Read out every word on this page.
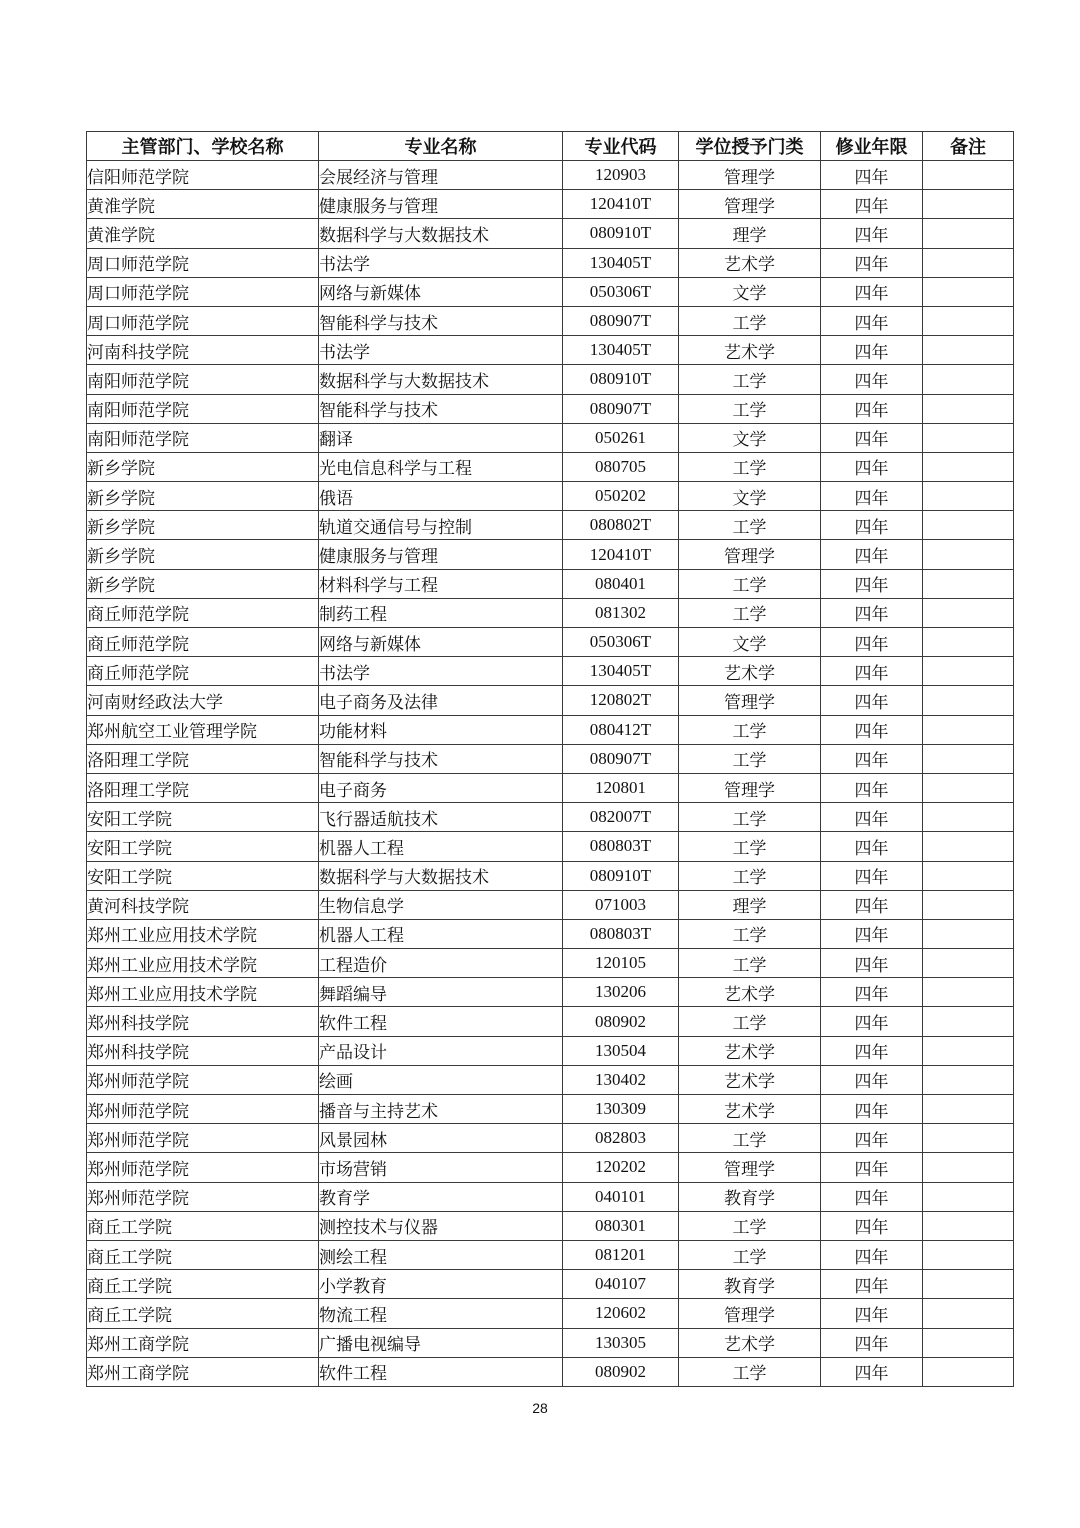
主管部门、学校名称	专业名称	专业代码	学位授予门类	修业年限	备注
信阳师范学院	会展经济与管理	120903	管理学	四年	
黄淮学院	健康服务与管理	120410T	管理学	四年	
黄淮学院	数据科学与大数据技术	080910T	理学	四年	
周口师范学院	书法学	130405T	艺术学	四年	
周口师范学院	网络与新媒体	050306T	文学	四年	
周口师范学院	智能科学与技术	080907T	工学	四年	
河南科技学院	书法学	130405T	艺术学	四年	
南阳师范学院	数据科学与大数据技术	080910T	工学	四年	
南阳师范学院	智能科学与技术	080907T	工学	四年	
南阳师范学院	翻译	050261	文学	四年	
新乡学院	光电信息科学与工程	080705	工学	四年	
新乡学院	俄语	050202	文学	四年	
新乡学院	轨道交通信号与控制	080802T	工学	四年	
新乡学院	健康服务与管理	120410T	管理学	四年	
新乡学院	材料科学与工程	080401	工学	四年	
商丘师范学院	制药工程	081302	工学	四年	
商丘师范学院	网络与新媒体	050306T	文学	四年	
商丘师范学院	书法学	130405T	艺术学	四年	
河南财经政法大学	电子商务及法律	120802T	管理学	四年	
郑州航空工业管理学院	功能材料	080412T	工学	四年	
洛阳理工学院	智能科学与技术	080907T	工学	四年	
洛阳理工学院	电子商务	120801	管理学	四年	
安阳工学院	飞行器适航技术	082007T	工学	四年	
安阳工学院	机器人工程	080803T	工学	四年	
安阳工学院	数据科学与大数据技术	080910T	工学	四年	
黄河科技学院	生物信息学	071003	理学	四年	
郑州工业应用技术学院	机器人工程	080803T	工学	四年	
郑州工业应用技术学院	工程造价	120105	工学	四年	
郑州工业应用技术学院	舞蹈编导	130206	艺术学	四年	
郑州科技学院	软件工程	080902	工学	四年	
郑州科技学院	产品设计	130504	艺术学	四年	
郑州师范学院	绘画	130402	艺术学	四年	
郑州师范学院	播音与主持艺术	130309	艺术学	四年	
郑州师范学院	风景园林	082803	工学	四年	
郑州师范学院	市场营销	120202	管理学	四年	
郑州师范学院	教育学	040101	教育学	四年	
商丘工学院	测控技术与仪器	080301	工学	四年	
商丘工学院	测绘工程	081201	工学	四年	
商丘工学院	小学教育	040107	教育学	四年	
商丘工学院	物流工程	120602	管理学	四年	
郑州工商学院	广播电视编导	130305	艺术学	四年	
郑州工商学院	软件工程	080902	工学	四年	
28
